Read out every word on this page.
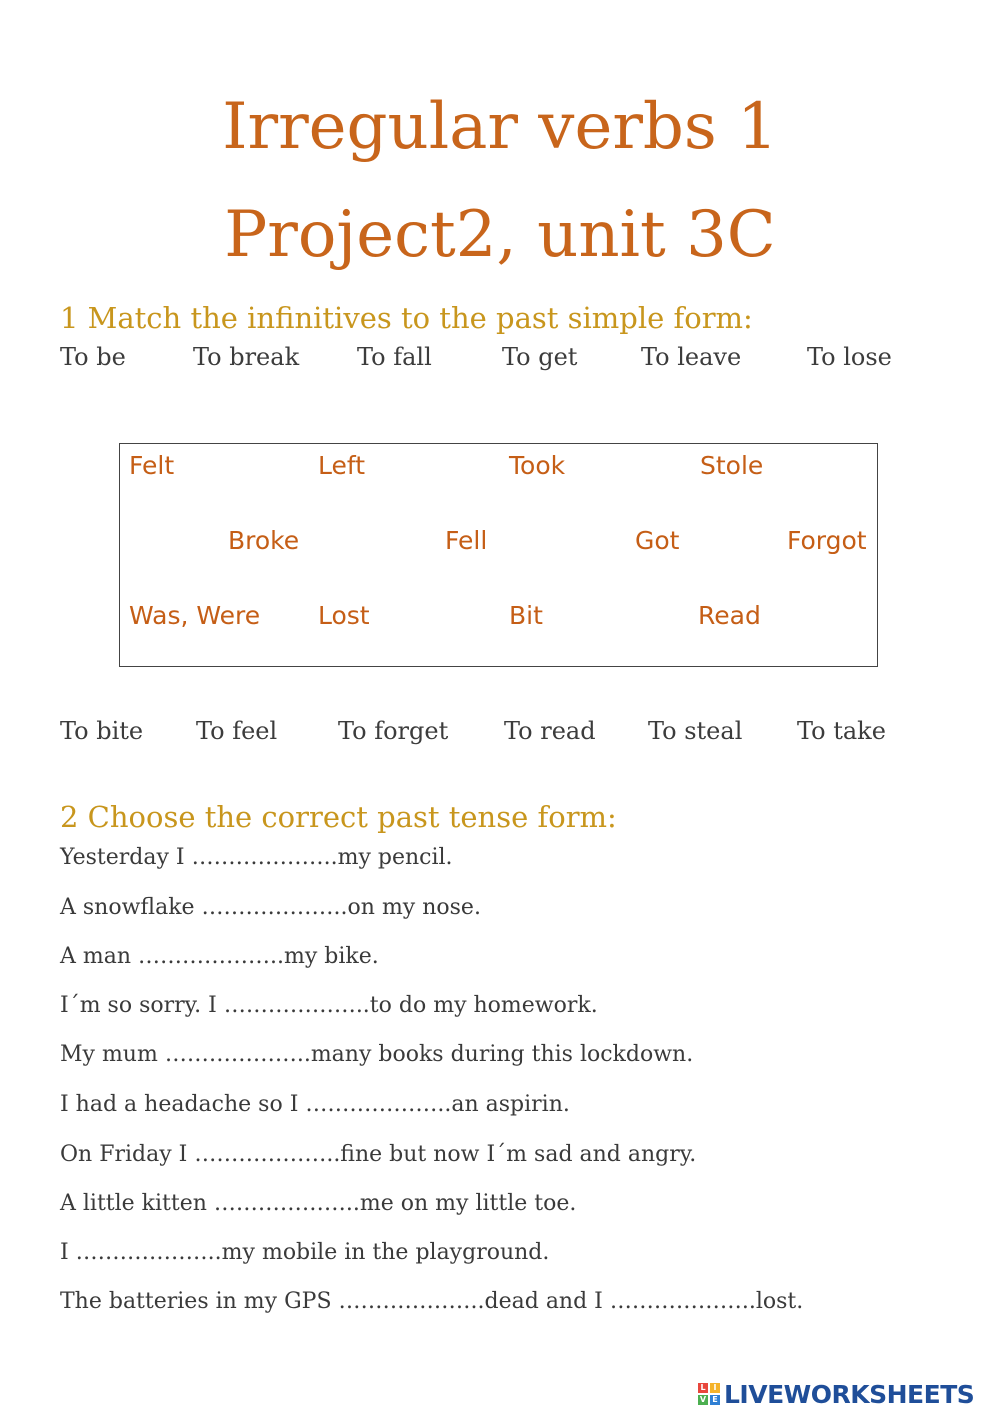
Irregular verbs 1
Project2, unit 3C
1 Match the infinitives to the past simple form:
To be	To break To fall	To get	To leave	To lose
Felt	Left	Took	Stole
Broke	Fell	Got	Forgot
Was, Were Lost	Bit	Read
To bite To feel	To forget To read To steal To take
2 Choose the correct past tense form:
Yesterday I ………………..my pencil.
A snowflake ………………..on my nose.
A man ………………..my bike.
I´m so sorry. I ………………..to do my homework.
My mum ………………..many books during this lockdown.
I had a headache so I ………………..an aspirin.
On Friday I ………………..fine but now I´m sad and angry.
A little kitten ………………..me on my little toe.
I ………………..my mobile in the playground.
The batteries in my GPS ………………..dead and I ………………..lost.
L I
V E LIVEWORKSHEETS
